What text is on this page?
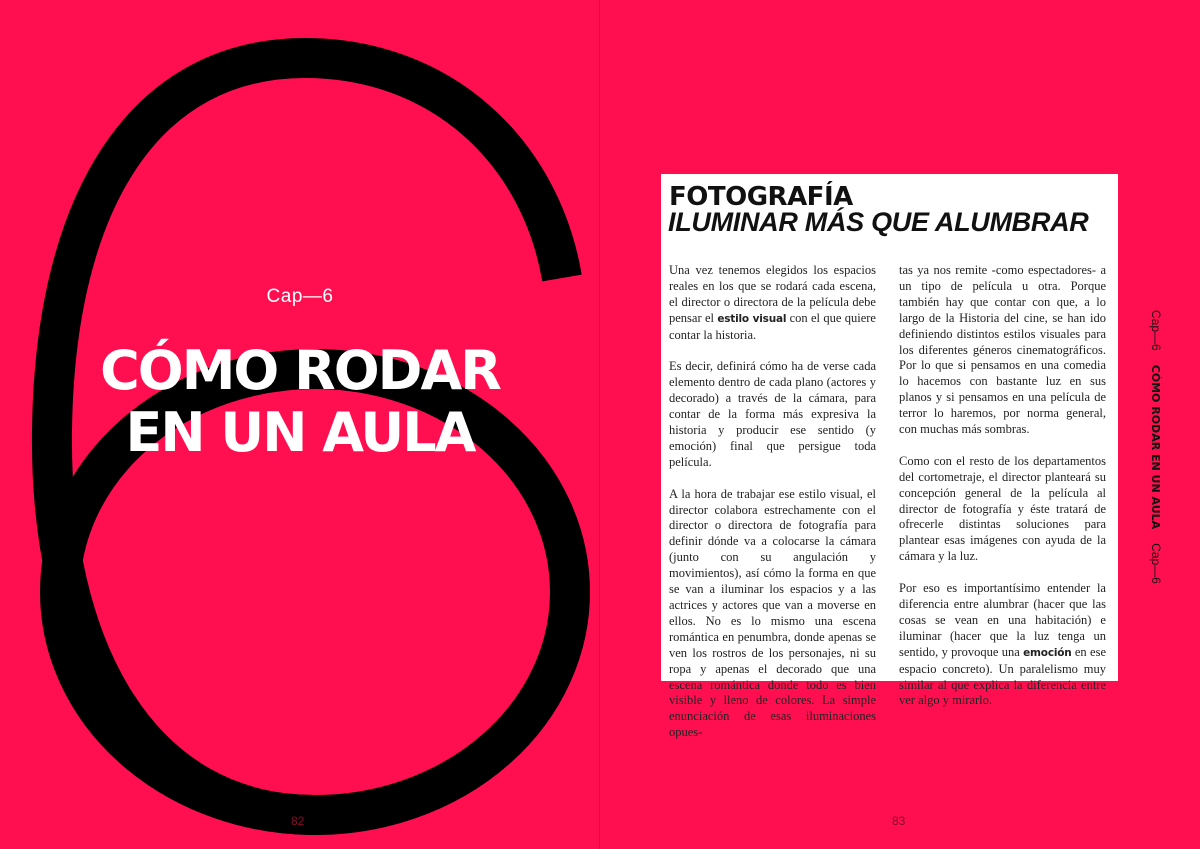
Cap—6
CÓMO RODAR
EN UN AULA
82
FOTOGRAFÍA
ILUMINAR MÁS QUE ALUMBRAR

Una vez tenemos elegidos los espacios reales en los que se rodará cada escena, el director o directora de la película debe pensar el estilo visual con el que quiere contar la historia.

Es decir, definirá cómo ha de verse cada elemento dentro de cada plano (actores y decorado) a través de la cámara, para contar de la forma más expresiva la historia y producir ese sentido (y emoción) final que persigue toda película.

A la hora de trabajar ese estilo visual, el director colabora estrechamente con el director o directora de fotografía para definir dónde va a colocarse la cámara (junto con su angulación y movimientos), así cómo la forma en que se van a iluminar los espacios y a las actrices y actores que van a moverse en ellos. No es lo mismo una escena romántica en penumbra, donde apenas se ven los rostros de los personajes, ni su ropa y apenas el decorado que una escena romántica donde todo es bien visible y lleno de colores. La simple enunciación de esas iluminaciones opues-

tas ya nos remite -como espectadores- a un tipo de película u otra. Porque también hay que contar con que, a lo largo de la Historia del cine, se han ido definiendo distintos estilos visuales para los diferentes géneros cinematográficos. Por lo que si pensamos en una comedia lo hacemos con bastante luz en sus planos y si pensamos en una película de terror lo haremos, por norma general, con muchas más sombras.

Como con el resto de los departamentos del cortometraje, el director planteará su concepción general de la película al director de fotografía y éste tratará de ofrecerle distintas soluciones para plantear esas imágenes con ayuda de la cámara y la luz.

Por eso es importantísimo entender la diferencia entre alumbrar (hacer que las cosas se vean en una habitación) e iluminar (hacer que la luz tenga un sentido, y provoque una emoción en ese espacio concreto). Un paralelismo muy similar al que explica la diferencia entre ver algo y mirarlo.

Cap—6CÓMO RODAR EN UN AULACap—6
83
